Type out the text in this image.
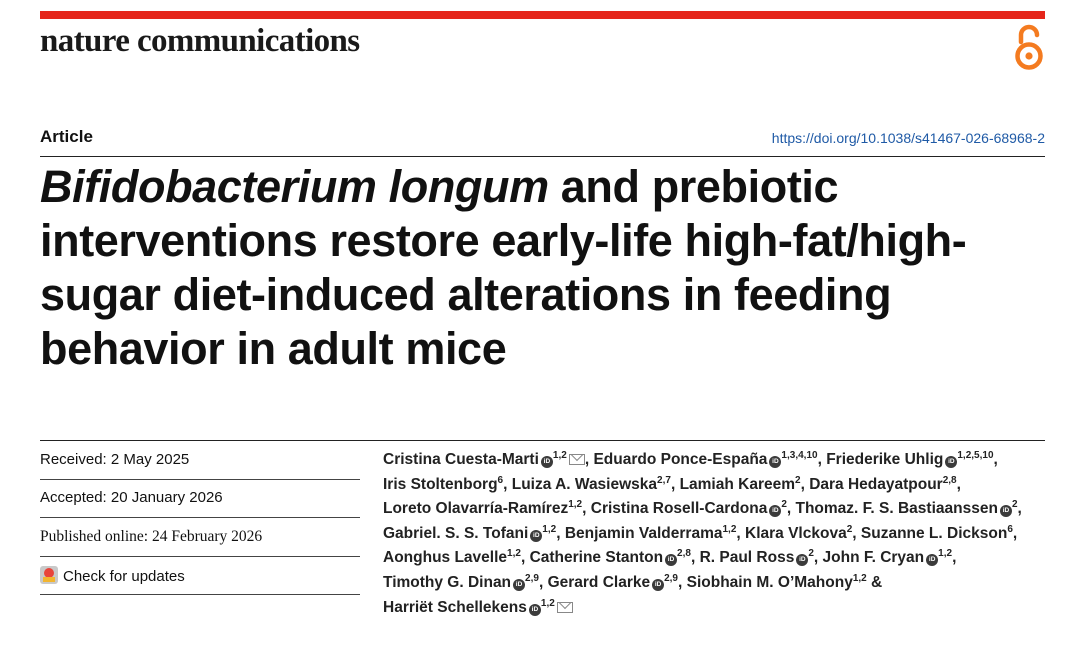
nature communications
Article	https://doi.org/10.1038/s41467-026-68968-2
Bifidobacterium longum and prebiotic interventions restore early-life high-fat/high-sugar diet-induced alterations in feeding behavior in adult mice
Received: 2 May 2025
Accepted: 20 January 2026
Published online: 24 February 2026
Check for updates

Cristina Cuesta-Marti iD$^{1,2}$ , Eduardo Ponce-España iD$^{1,3,4,10}$, Friederike Uhlig iD$^{1,2,5,10}$, Iris Stoltenborg$^6$, Luiza A. Wasiewska$^{2,7}$, Lamiah Kareem$^2$, Dara Hedayatpour$^{2,8}$, Loreto Olavarría-Ramírez$^{1,2}$, Cristina Rosell-Cardona $iD^2$, Thomaz. F. S. Bastiaanssen $iD^2$, Gabriel. S. S. Tofani iD$^{1,2}$, Benjamin Valderrama$^{1,2}$, Klara Vlckova$^2$, Suzanne L. Dickson$^6$, Aonghus Lavelle$^{1,2}$, Catherine Stanton iD$^{2,8}$, R. Paul Ross $iD^2$, John F. Cryan iD$^{1,2}$, Timothy G. Dinan iD$^{2,9}$, Gerard Clarke iD$^{2,9}$, Siobhain M. O’Mahony$^{1,2}$ & Harriët Schellekens iD$^{1,2}$
